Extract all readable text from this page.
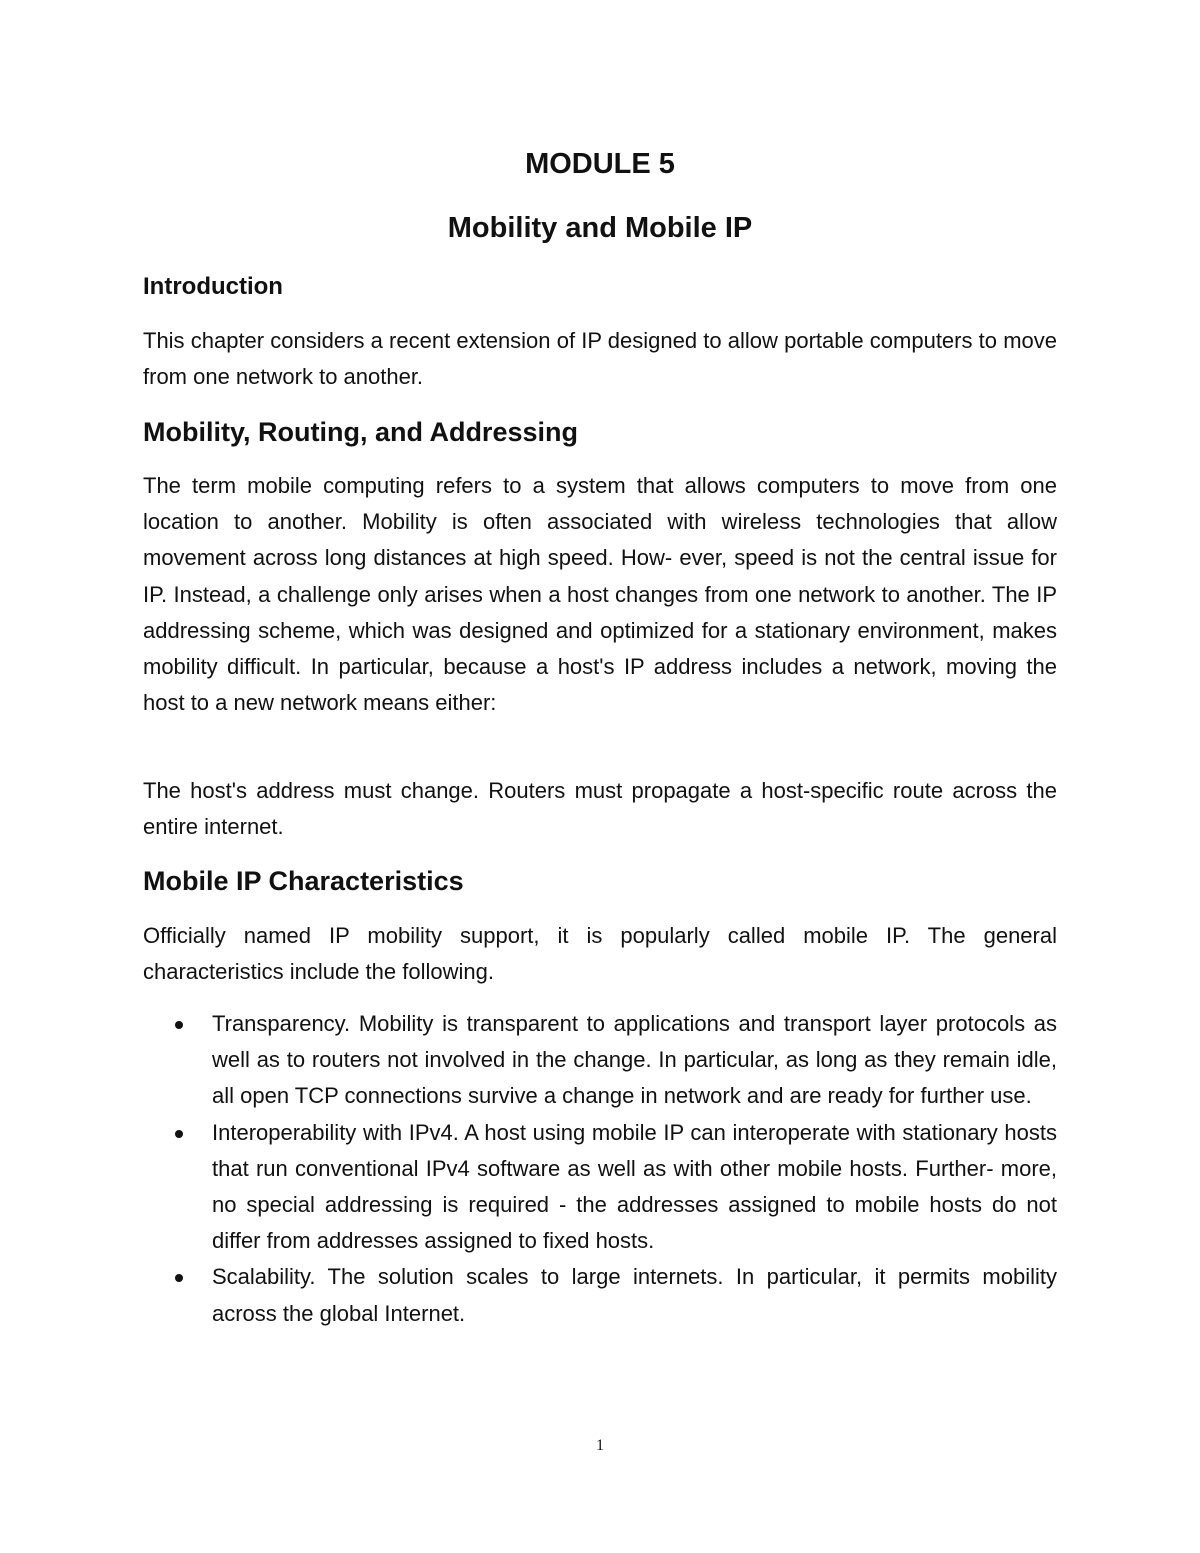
MODULE 5
Mobility and Mobile IP
Introduction

This chapter considers a recent extension of IP designed to allow portable computers to move from one network to another.

Mobility, Routing, and Addressing

The term mobile computing refers to a system that allows computers to move from one location to another. Mobility is often associated with wireless technologies that allow movement across long distances at high speed. How- ever, speed is not the central issue for IP. Instead, a challenge only arises when a host changes from one network to another. The IP addressing scheme, which was designed and optimized for a stationary environment, makes mobility difficult. In particular, because a host's IP address includes a network, moving the host to a new network means either:

The host's address must change. Routers must propagate a host-specific route across the entire internet.

Mobile IP Characteristics

Officially named IP mobility support, it is popularly called mobile IP. The general characteristics include the following.

Transparency. Mobility is transparent to applications and transport layer protocols as well as to routers not involved in the change. In particular, as long as they remain idle, all open TCP connections survive a change in network and are ready for further use.
Interoperability with IPv4. A host using mobile IP can interoperate with stationary hosts that run conventional IPv4 software as well as with other mobile hosts. Further- more, no special addressing is required - the addresses assigned to mobile hosts do not differ from addresses assigned to fixed hosts.
Scalability. The solution scales to large internets. In particular, it permits mobility across the global Internet.
1
